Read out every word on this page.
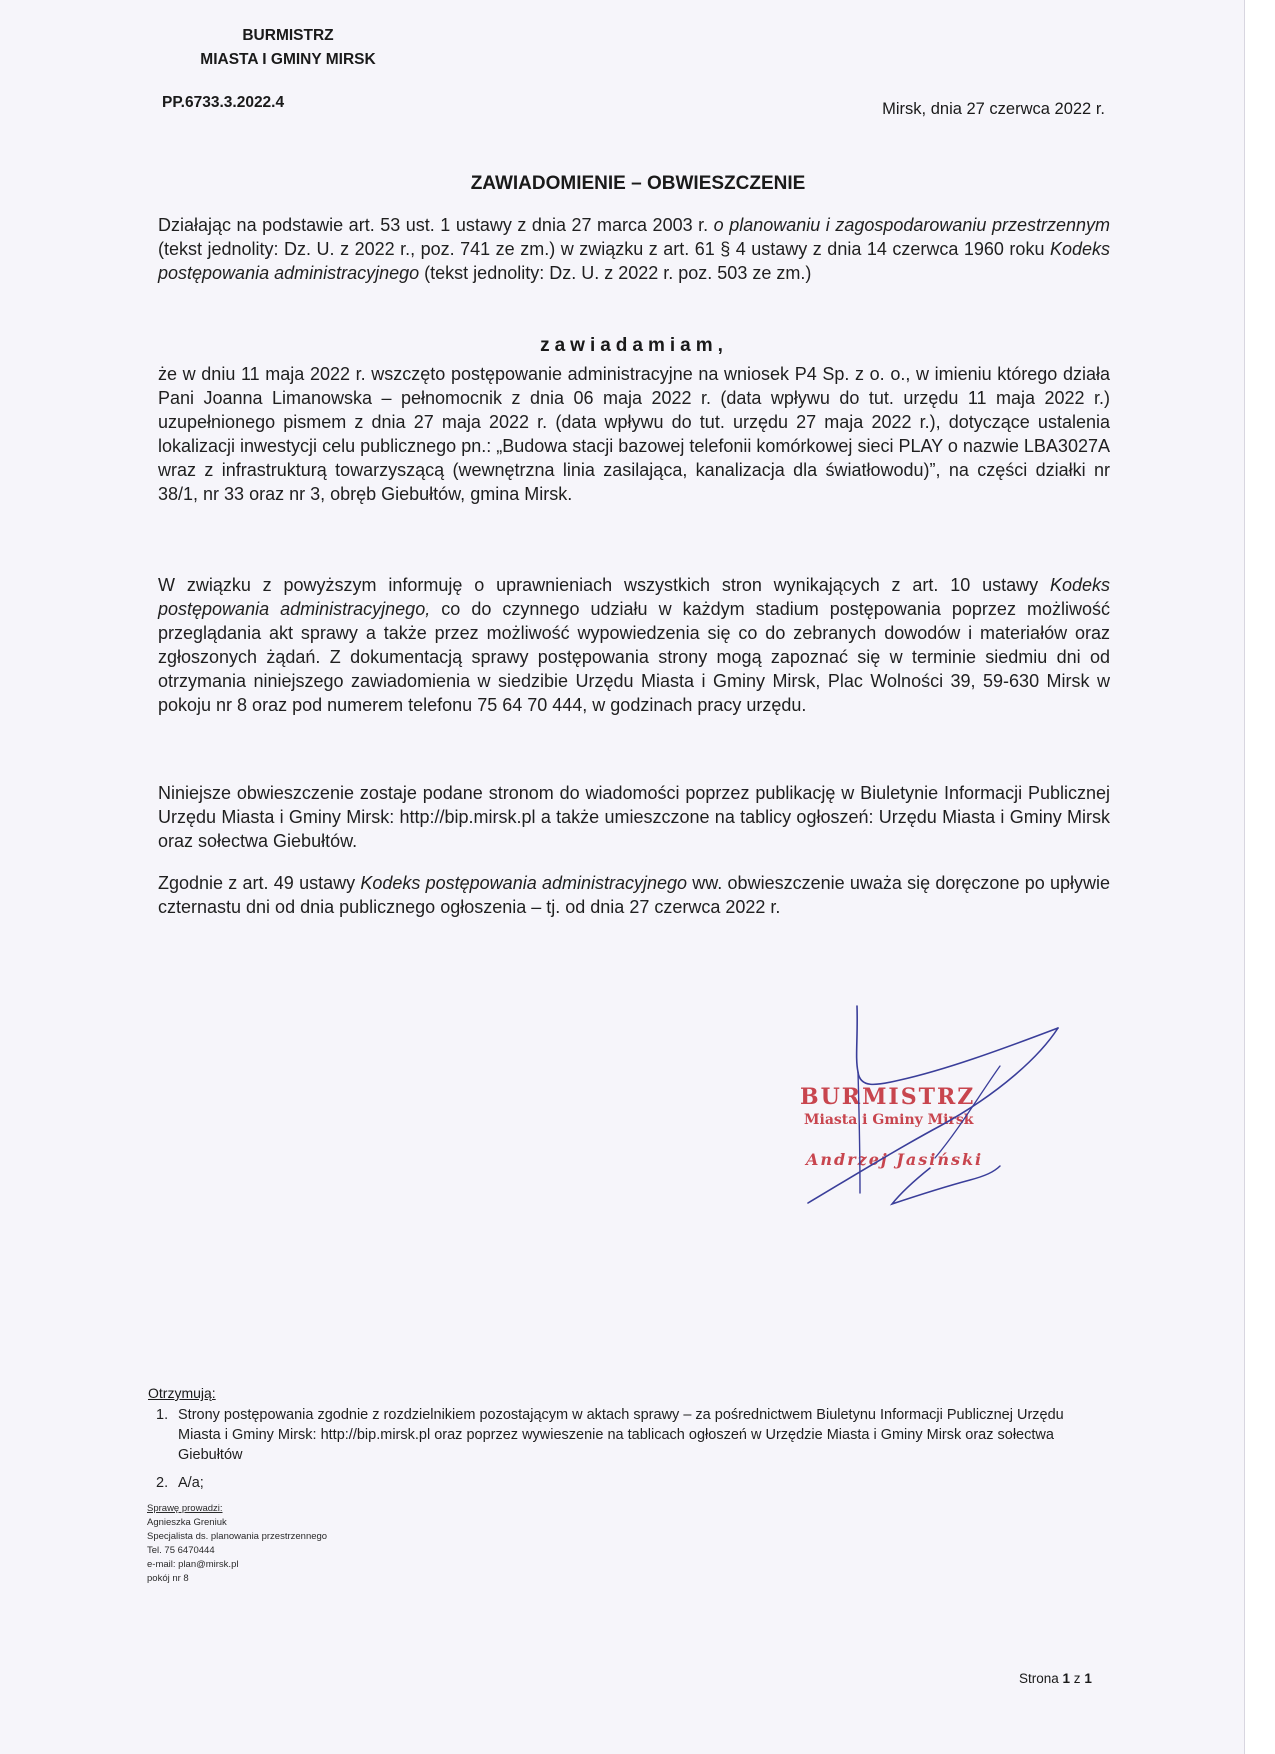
BURMISTRZ
MIASTA I GMINY MIRSK
PP.6733.3.2022.4	Mirsk, dnia 27 czerwca 2022 r.
ZAWIADOMIENIE – OBWIESZCZENIE
Działając na podstawie art. 53 ust. 1 ustawy z dnia 27 marca 2003 r. o planowaniu i zagospodarowaniu przestrzennym (tekst jednolity: Dz. U. z 2022 r., poz. 741 ze zm.) w związku z art. 61 § 4 ustawy z dnia 14 czerwca 1960 roku Kodeks postępowania administracyjnego (tekst jednolity: Dz. U. z 2022 r. poz. 503 ze zm.)
zawiadamiam,
że w dniu 11 maja 2022 r. wszczęto postępowanie administracyjne na wniosek P4 Sp. z o. o., w imieniu którego działa Pani Joanna Limanowska – pełnomocnik z dnia 06 maja 2022 r. (data wpływu do tut. urzędu 11 maja 2022 r.) uzupełnionego pismem z dnia 27 maja 2022 r. (data wpływu do tut. urzędu 27 maja 2022 r.), dotyczące ustalenia lokalizacji inwestycji celu publicznego pn.: „Budowa stacji bazowej telefonii komórkowej sieci PLAY o nazwie LBA3027A wraz z infrastrukturą towarzyszącą (wewnętrzna linia zasilająca, kanalizacja dla światłowodu)”, na części działki nr 38/1, nr 33 oraz nr 3, obręb Giebułtów, gmina Mirsk.
W związku z powyższym informuję o uprawnieniach wszystkich stron wynikających z art. 10 ustawy Kodeks postępowania administracyjnego, co do czynnego udziału w każdym stadium postępowania poprzez możliwość przeglądania akt sprawy a także przez możliwość wypowiedzenia się co do zebranych dowodów i materiałów oraz zgłoszonych żądań. Z dokumentacją sprawy postępowania strony mogą zapoznać się w terminie siedmiu dni od otrzymania niniejszego zawiadomienia w siedzibie Urzędu Miasta i Gminy Mirsk, Plac Wolności 39, 59-630 Mirsk w pokoju nr 8 oraz pod numerem telefonu 75 64 70 444, w godzinach pracy urzędu.
Niniejsze obwieszczenie zostaje podane stronom do wiadomości poprzez publikację w Biuletynie Informacji Publicznej Urzędu Miasta i Gminy Mirsk: http://bip.mirsk.pl a także umieszczone na tablicy ogłoszeń: Urzędu Miasta i Gminy Mirsk oraz sołectwa Giebułtów.
Zgodnie z art. 49 ustawy Kodeks postępowania administracyjnego ww. obwieszczenie uważa się doręczone po upływie czternastu dni od dnia publicznego ogłoszenia – tj. od dnia 27 czerwca 2022 r.
BURMISTRZ
Miasta i Gminy Mirsk
Andrzej Jasiński
Otrzymują:
1. Strony postępowania zgodnie z rozdzielnikiem pozostającym w aktach sprawy – za pośrednictwem Biuletynu Informacji Publicznej Urzędu Miasta i Gminy Mirsk: http://bip.mirsk.pl oraz poprzez wywieszenie na tablicach ogłoszeń w Urzędzie Miasta i Gminy Mirsk oraz sołectwa Giebułtów
2. A/a;
Sprawę prowadzi:
Agnieszka Greniuk
Specjalista ds. planowania przestrzennego
Tel. 75 6470444
e-mail: plan@mirsk.pl
pokój nr 8
Strona 1 z 1
